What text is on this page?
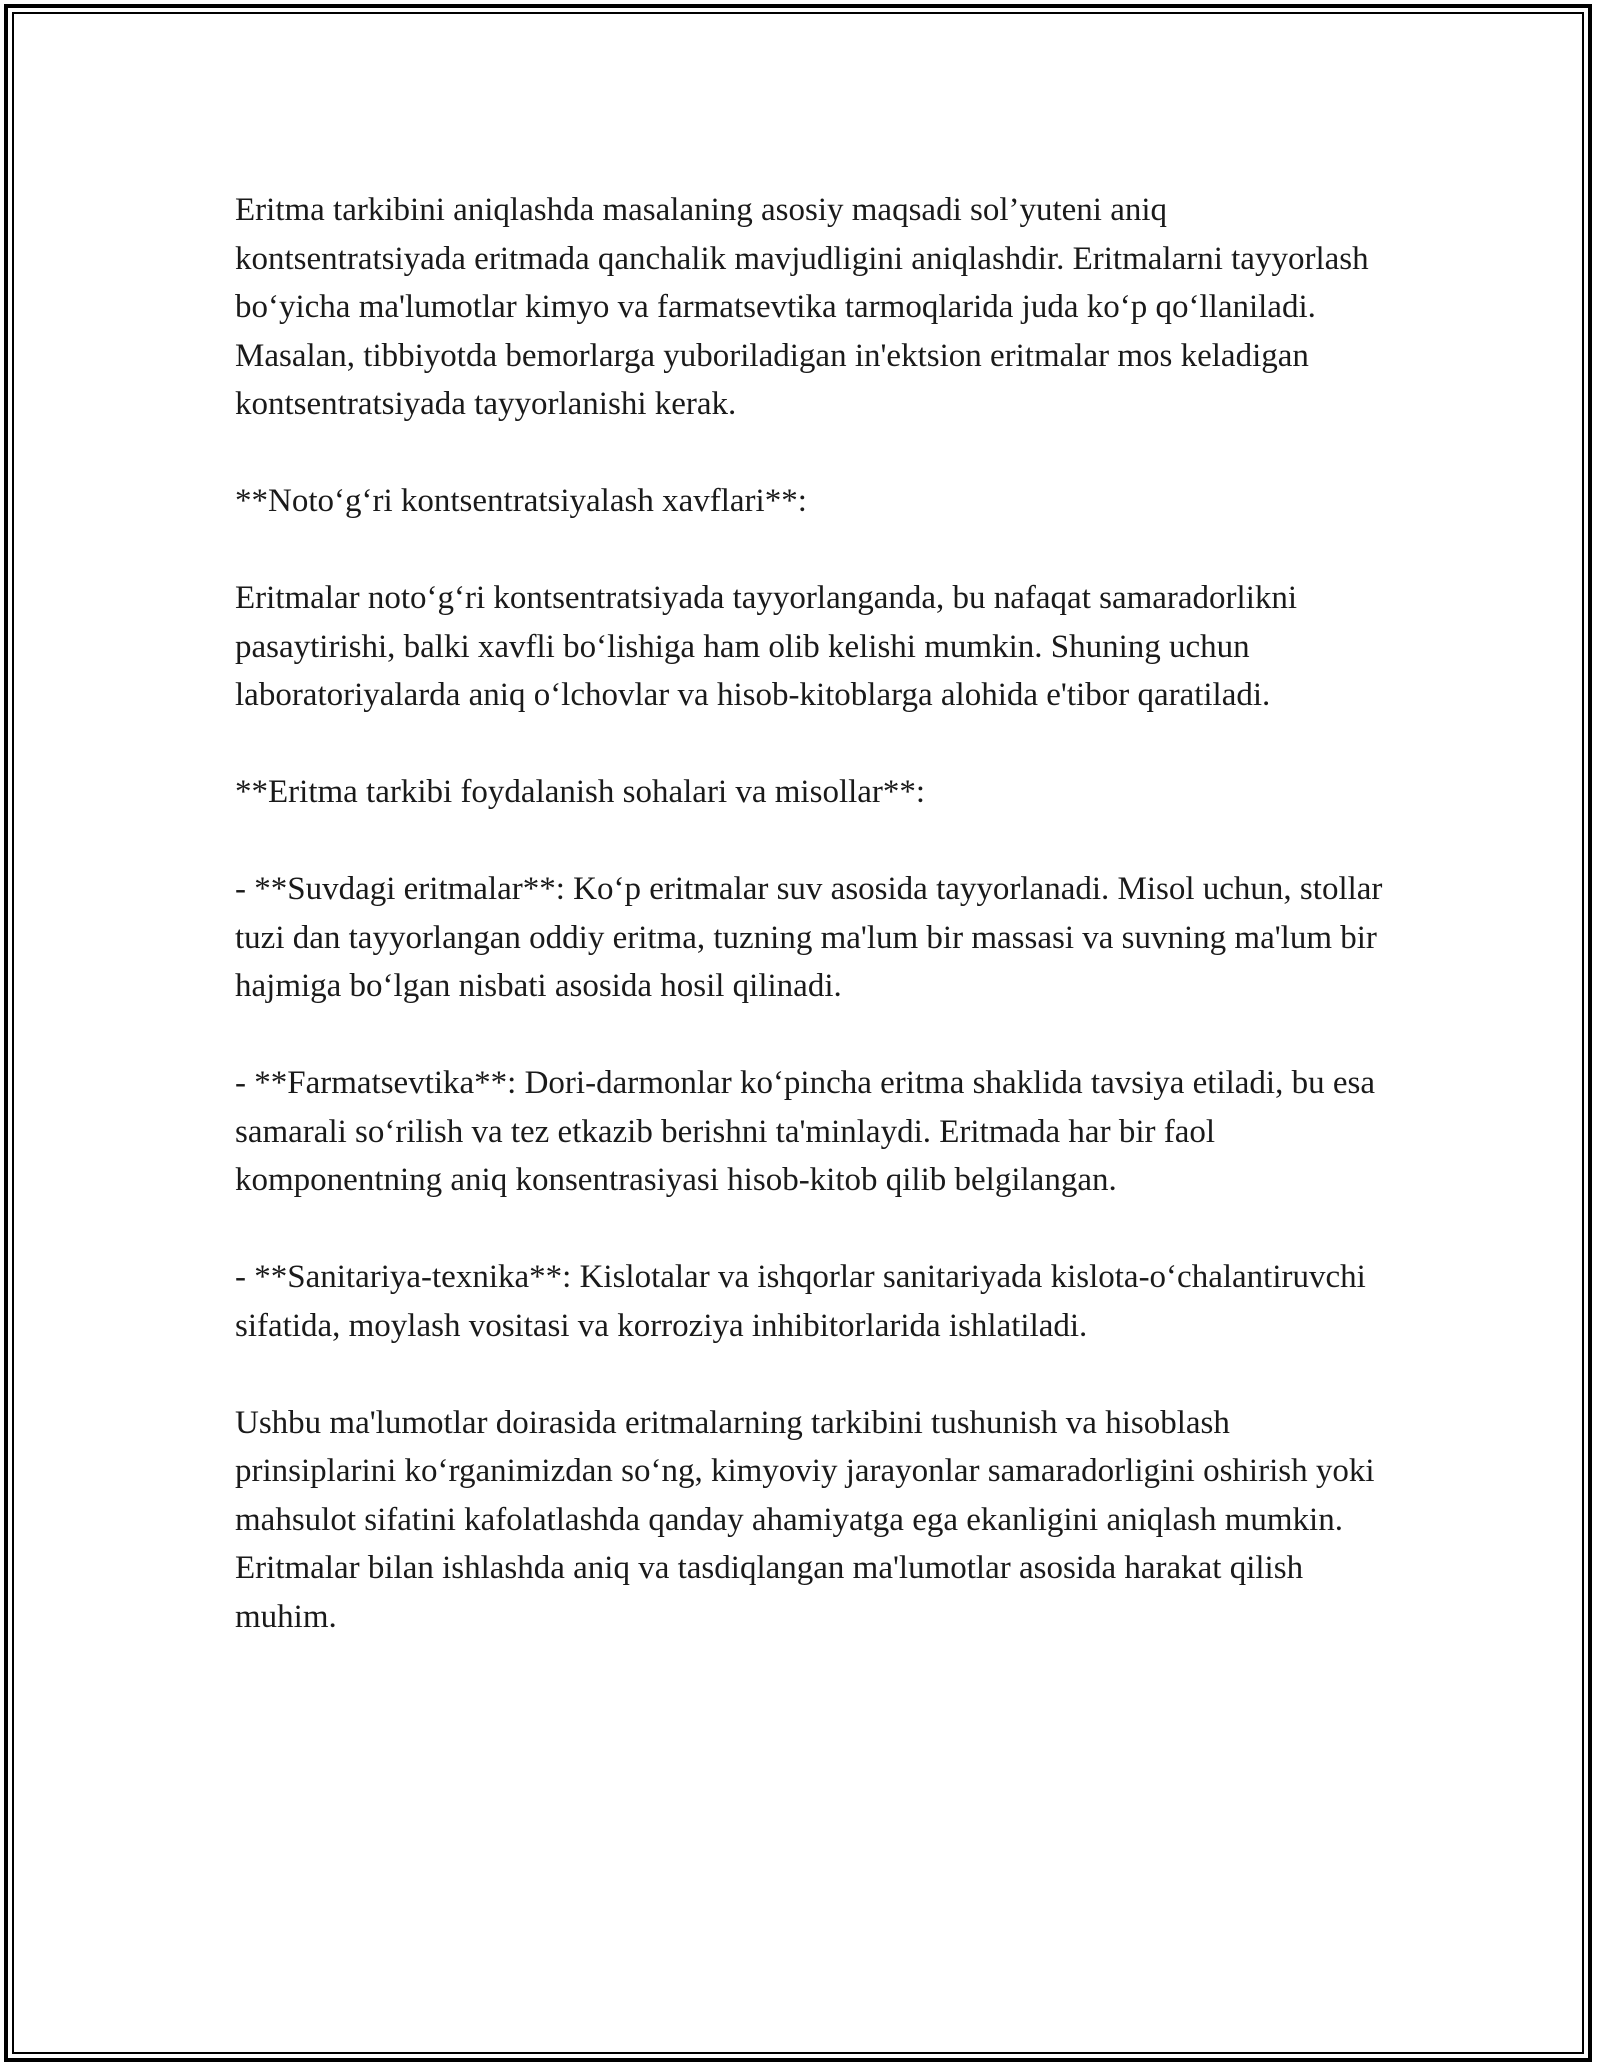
Eritma tarkibini aniqlashda masalaning asosiy maqsadi sol’yuteni aniq kontsentratsiyada eritmada qanchalik mavjudligini aniqlashdir. Eritmalarni tayyorlash bo‘yicha ma'lumotlar kimyo va farmatsevtika tarmoqlarida juda ko‘p qo‘llaniladi. Masalan, tibbiyotda bemorlarga yuboriladigan in'ektsion eritmalar mos keladigan kontsentratsiyada tayyorlanishi kerak.

**Noto‘g‘ri kontsentratsiyalash xavflari**:

Eritmalar noto‘g‘ri kontsentratsiyada tayyorlanganda, bu nafaqat samaradorlikni pasaytirishi, balki xavfli bo‘lishiga ham olib kelishi mumkin. Shuning uchun laboratoriyalarda aniq o‘lchovlar va hisob-kitoblarga alohida e'tibor qaratiladi.

**Eritma tarkibi foydalanish sohalari va misollar**:

- **Suvdagi eritmalar**: Ko‘p eritmalar suv asosida tayyorlanadi. Misol uchun, stollar tuzi dan tayyorlangan oddiy eritma, tuzning ma'lum bir massasi va suvning ma'lum bir hajmiga bo‘lgan nisbati asosida hosil qilinadi.

- **Farmatsevtika**: Dori-darmonlar ko‘pincha eritma shaklida tavsiya etiladi, bu esa samarali so‘rilish va tez etkazib berishni ta'minlaydi. Eritmada har bir faol komponentning aniq konsentrasiyasi hisob-kitob qilib belgilangan.

- **Sanitariya-texnika**: Kislotalar va ishqorlar sanitariyada kislota-o‘chalantiruvchi sifatida, moylash vositasi va korroziya inhibitorlarida ishlatiladi.

Ushbu ma'lumotlar doirasida eritmalarning tarkibini tushunish va hisoblash prinsiplarini ko‘rganimizdan so‘ng, kimyoviy jarayonlar samaradorligini oshirish yoki mahsulot sifatini kafolatlashda qanday ahamiyatga ega ekanligini aniqlash mumkin. Eritmalar bilan ishlashda aniq va tasdiqlangan ma'lumotlar asosida harakat qilish muhim.
